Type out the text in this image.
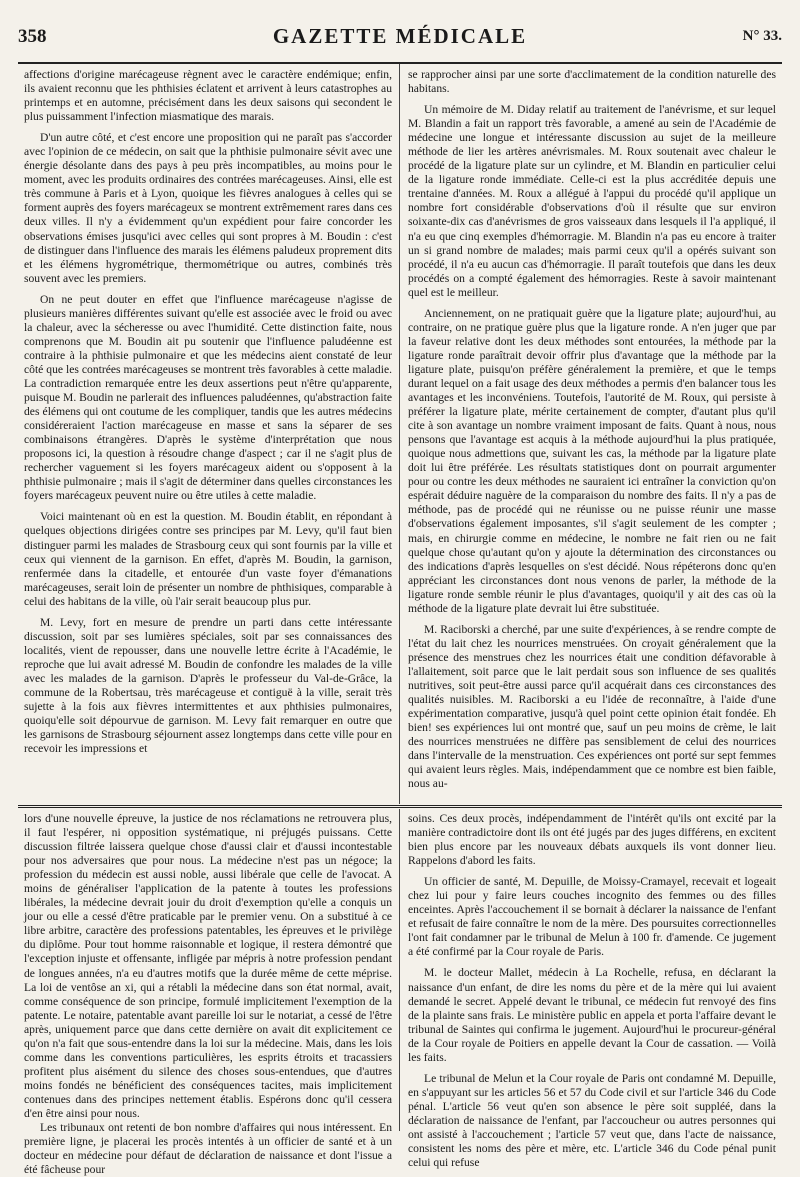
358	GAZETTE MÉDICALE	N° 33.

affections d'origine marécageuse règnent avec le caractère endémique; enfin, ils avaient reconnu que les phthisies éclatent et arrivent à leurs catastrophes au printemps et en automne, précisément dans les deux saisons qui secondent le plus puissamment l'infection miasmatique des marais.

D'un autre côté, et c'est encore une proposition qui ne paraît pas s'accorder avec l'opinion de ce médecin, on sait que la phthisie pulmonaire sévit avec une énergie désolante dans des pays à peu près incompatibles, au moins pour le moment, avec les produits ordinaires des contrées marécageuses. Ainsi, elle est très commune à Paris et à Lyon, quoique les fièvres analogues à celles qui se forment auprès des foyers marécageux se montrent extrêmement rares dans ces deux villes. Il n'y a évidemment qu'un expédient pour faire concorder les observations émises jusqu'ici avec celles qui sont propres à M. Boudin : c'est de distinguer dans l'influence des marais les élémens paludeux proprement dits et les élémens hygrométrique, thermométrique ou autres, combinés très souvent avec les premiers.

On ne peut douter en effet que l'influence marécageuse n'agisse de plusieurs manières différentes suivant qu'elle est associée avec le froid ou avec la chaleur, avec la sécheresse ou avec l'humidité. Cette distinction faite, nous comprenons que M. Boudin ait pu soutenir que l'influence paludéenne est contraire à la phthisie pulmonaire et que les médecins aient constaté de leur côté que les contrées marécageuses se montrent très favorables à cette maladie. La contradiction remarquée entre les deux assertions peut n'être qu'apparente, puisque M. Boudin ne parlerait des influences paludéennes, qu'abstraction faite des élémens qui ont coutume de les compliquer, tandis que les autres médecins considéreraient l'action marécageuse en masse et sans la séparer de ses combinaisons étrangères. D'après le système d'interprétation que nous proposons ici, la question à résoudre change d'aspect ; car il ne s'agit plus de rechercher vaguement si les foyers marécageux aident ou s'opposent à la phthisie pulmonaire ; mais il s'agit de déterminer dans quelles circonstances les foyers marécageux peuvent nuire ou être utiles à cette maladie.

Voici maintenant où en est la question. M. Boudin établit, en répondant à quelques objections dirigées contre ses principes par M. Levy, qu'il faut bien distinguer parmi les malades de Strasbourg ceux qui sont fournis par la ville et ceux qui viennent de la garnison. En effet, d'après M. Boudin, la garnison, renfermée dans la citadelle, et entourée d'un vaste foyer d'émanations marécageuses, serait loin de présenter un nombre de phthisiques, comparable à celui des habitans de la ville, où l'air serait beaucoup plus pur.

M. Levy, fort en mesure de prendre un parti dans cette intéressante discussion, soit par ses lumières spéciales, soit par ses connaissances des localités, vient de repousser, dans une nouvelle lettre écrite à l'Académie, le reproche que lui avait adressé M. Boudin de confondre les malades de la ville avec les malades de la garnison. D'après le professeur du Val-de-Grâce, la commune de la Robertsau, très marécageuse et contiguë à la ville, serait très sujette à la fois aux fièvres intermittentes et aux phthisies pulmonaires, quoiqu'elle soit dépourvue de garnison. M. Levy fait remarquer en outre que les garnisons de Strasbourg séjournent assez longtemps dans cette ville pour en recevoir les impressions et

se rapprocher ainsi par une sorte d'acclimatement de la condition naturelle des habitans.

Un mémoire de M. Diday relatif au traitement de l'anévrisme, et sur lequel M. Blandin a fait un rapport très favorable, a amené au sein de l'Académie de médecine une longue et intéressante discussion au sujet de la meilleure méthode de lier les artères anévrismales. M. Roux soutenait avec chaleur le procédé de la ligature plate sur un cylindre, et M. Blandin en particulier celui de la ligature ronde immédiate. Celle-ci est la plus accréditée depuis une trentaine d'années. M. Roux a allégué à l'appui du procédé qu'il applique un nombre fort considérable d'observations d'où il résulte que sur environ soixante-dix cas d'anévrismes de gros vaisseaux dans lesquels il l'a appliqué, il n'a eu que cinq exemples d'hémorragie. M. Blandin n'a pas eu encore à traiter un si grand nombre de malades; mais parmi ceux qu'il a opérés suivant son procédé, il n'a eu aucun cas d'hémorragie. Il paraît toutefois que dans les deux procédés on a compté également des hémorragies. Reste à savoir maintenant quel est le meilleur.

Anciennement, on ne pratiquait guère que la ligature plate; aujourd'hui, au contraire, on ne pratique guère plus que la ligature ronde. A n'en juger que par la faveur relative dont les deux méthodes sont entourées, la méthode par la ligature ronde paraîtrait devoir offrir plus d'avantage que la méthode par la ligature plate, puisqu'on préfère généralement la première, et que le temps durant lequel on a fait usage des deux méthodes a permis d'en balancer tous les avantages et les inconvéniens. Toutefois, l'autorité de M. Roux, qui persiste à préférer la ligature plate, mérite certainement de compter, d'autant plus qu'il cite à son avantage un nombre vraiment imposant de faits. Quant à nous, nous pensons que l'avantage est acquis à la méthode aujourd'hui la plus pratiquée, quoique nous admettions que, suivant les cas, la méthode par la ligature plate doit lui être préférée. Les résultats statistiques dont on pourrait argumenter pour ou contre les deux méthodes ne sauraient ici entraîner la conviction qu'on espérait déduire naguère de la comparaison du nombre des faits. Il n'y a pas de méthode, pas de procédé qui ne réunisse ou ne puisse réunir une masse d'observations également imposantes, s'il s'agit seulement de les compter ; mais, en chirurgie comme en médecine, le nombre ne fait rien ou ne fait quelque chose qu'autant qu'on y ajoute la détermination des circonstances ou des indications d'après lesquelles on s'est décidé. Nous répéterons donc qu'en appréciant les circonstances dont nous venons de parler, la méthode de la ligature ronde semble réunir le plus d'avantages, quoiqu'il y ait des cas où la méthode de la ligature plate devrait lui être substituée.

M. Raciborski a cherché, par une suite d'expériences, à se rendre compte de l'état du lait chez les nourrices menstruées. On croyait généralement que la présence des menstrues chez les nourrices était une condition défavorable à l'allaitement, soit parce que le lait perdait sous son influence de ses qualités nutritives, soit peut-être aussi parce qu'il acquérait dans ces circonstances des qualités nuisibles. M. Raciborski a eu l'idée de reconnaître, à l'aide d'une expérimentation comparative, jusqu'à quel point cette opinion était fondée. Eh bien! ses expériences lui ont montré que, sauf un peu moins de crème, le lait des nourrices menstruées ne diffère pas sensiblement de celui des nourrices dans l'intervalle de la menstruation. Ces expériences ont porté sur sept femmes qui avaient leurs règles. Mais, indépendamment que ce nombre est bien faible, nous au-

lors d'une nouvelle épreuve, la justice de nos réclamations ne retrouvera plus, il faut l'espérer, ni opposition systématique, ni préjugés puissans. Cette discussion filtrée laissera quelque chose d'aussi clair et d'aussi incontestable pour nos adversaires que pour nous. La médecine n'est pas un négoce; la profession du médecin est aussi noble, aussi libérale que celle de l'avocat. A moins de généraliser l'application de la patente à toutes les professions libérales, la médecine devrait jouir du droit d'exemption qu'elle a conquis un jour ou elle a cessé d'être praticable par le premier venu. On a substitué à ce libre arbitre, caractère des professions patentables, les épreuves et le privilège du diplôme. Pour tout homme raisonnable et logique, il restera démontré que l'exception injuste et offensante, infligée par mépris à notre profession pendant de longues années, n'a eu d'autres motifs que la durée même de cette méprise. La loi de ventôse an xi, qui a rétabli la médecine dans son état normal, avait, comme conséquence de son principe, formulé implicitement l'exemption de la patente. Le notaire, patentable avant pareille loi sur le notariat, a cessé de l'être après, uniquement parce que dans cette dernière on avait dit explicitement ce qu'on n'a fait que sous-entendre dans la loi sur la médecine. Mais, dans les lois comme dans les conventions particulières, les esprits étroits et tracassiers profitent plus aisément du silence des choses sous-entendues, que d'autres moins fondés ne bénéficient des conséquences tacites, mais implicitement contenues dans des principes nettement établis. Espérons donc qu'il cessera d'en être ainsi pour nous.

Les tribunaux ont retenti de bon nombre d'affaires qui nous intéressent. En première ligne, je placerai les procès intentés à un officier de santé et à un docteur en médecine pour défaut de déclaration de naissance et dont l'issue a été fâcheuse pour

soins. Ces deux procès, indépendamment de l'intérêt qu'ils ont excité par la manière contradictoire dont ils ont été jugés par des juges différens, en excitent bien plus encore par les nouveaux débats auxquels ils vont donner lieu. Rappelons d'abord les faits.

Un officier de santé, M. Depuille, de Moissy-Cramayel, recevait et logeait chez lui pour y faire leurs couches incognito des femmes ou des filles enceintes. Après l'accouchement il se bornait à déclarer la naissance de l'enfant et refusait de faire connaître le nom de la mère. Des poursuites correctionnelles l'ont fait condamner par le tribunal de Melun à 100 fr. d'amende. Ce jugement a été confirmé par la Cour royale de Paris.

M. le docteur Mallet, médecin à La Rochelle, refusa, en déclarant la naissance d'un enfant, de dire les noms du père et de la mère qui lui avaient demandé le secret. Appelé devant le tribunal, ce médecin fut renvoyé des fins de la plainte sans frais. Le ministère public en appela et porta l'affaire devant le tribunal de Saintes qui confirma le jugement. Aujourd'hui le procureur-général de la Cour royale de Poitiers en appelle devant la Cour de cassation. — Voilà les faits.

Le tribunal de Melun et la Cour royale de Paris ont condamné M. Depuille, en s'appuyant sur les articles 56 et 57 du Code civil et sur l'article 346 du Code pénal. L'article 56 veut qu'en son absence le père soit suppléé, dans la déclaration de naissance de l'enfant, par l'accoucheur ou autres personnes qui ont assisté à l'accouchement ; l'article 57 veut que, dans l'acte de naissance, consistent les noms des père et mère, etc. L'article 346 du Code pénal punit celui qui refuse
